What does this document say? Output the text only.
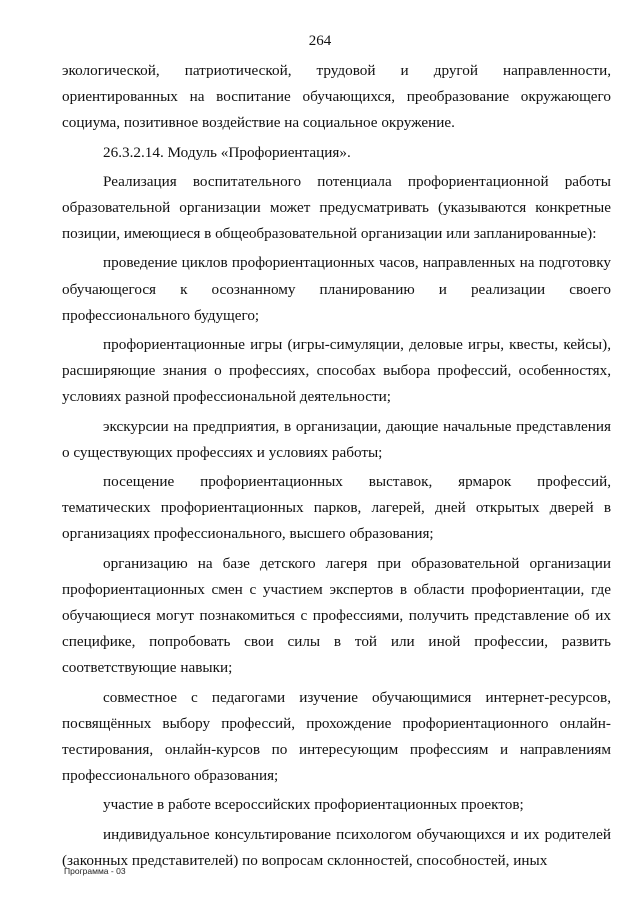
264

экологической, патриотической, трудовой и другой направленности, ориентированных на воспитание обучающихся, преобразование окружающего социума, позитивное воздействие на социальное окружение.

26.3.2.14. Модуль «Профориентация».

Реализация воспитательного потенциала профориентационной работы образовательной организации может предусматривать (указываются конкретные позиции, имеющиеся в общеобразовательной организации или запланированные):

проведение циклов профориентационных часов, направленных на подготовку обучающегося к осознанному планированию и реализации своего профессионального будущего;

профориентационные игры (игры-симуляции, деловые игры, квесты, кейсы), расширяющие знания о профессиях, способах выбора профессий, особенностях, условиях разной профессиональной деятельности;

экскурсии на предприятия, в организации, дающие начальные представления о существующих профессиях и условиях работы;

посещение профориентационных выставок, ярмарок профессий, тематических профориентационных парков, лагерей, дней открытых дверей в организациях профессионального, высшего образования;

организацию на базе детского лагеря при образовательной организации профориентационных смен с участием экспертов в области профориентации, где обучающиеся могут познакомиться с профессиями, получить представление об их специфике, попробовать свои силы в той или иной профессии, развить соответствующие навыки;

совместное с педагогами изучение обучающимися интернет-ресурсов, посвящённых выбору профессий, прохождение профориентационного онлайн-тестирования, онлайн-курсов по интересующим профессиям и направлениям профессионального образования;

участие в работе всероссийских профориентационных проектов;

индивидуальное консультирование психологом обучающихся и их родителей (законных представителей) по вопросам склонностей, способностей, иных

Программа - 03
